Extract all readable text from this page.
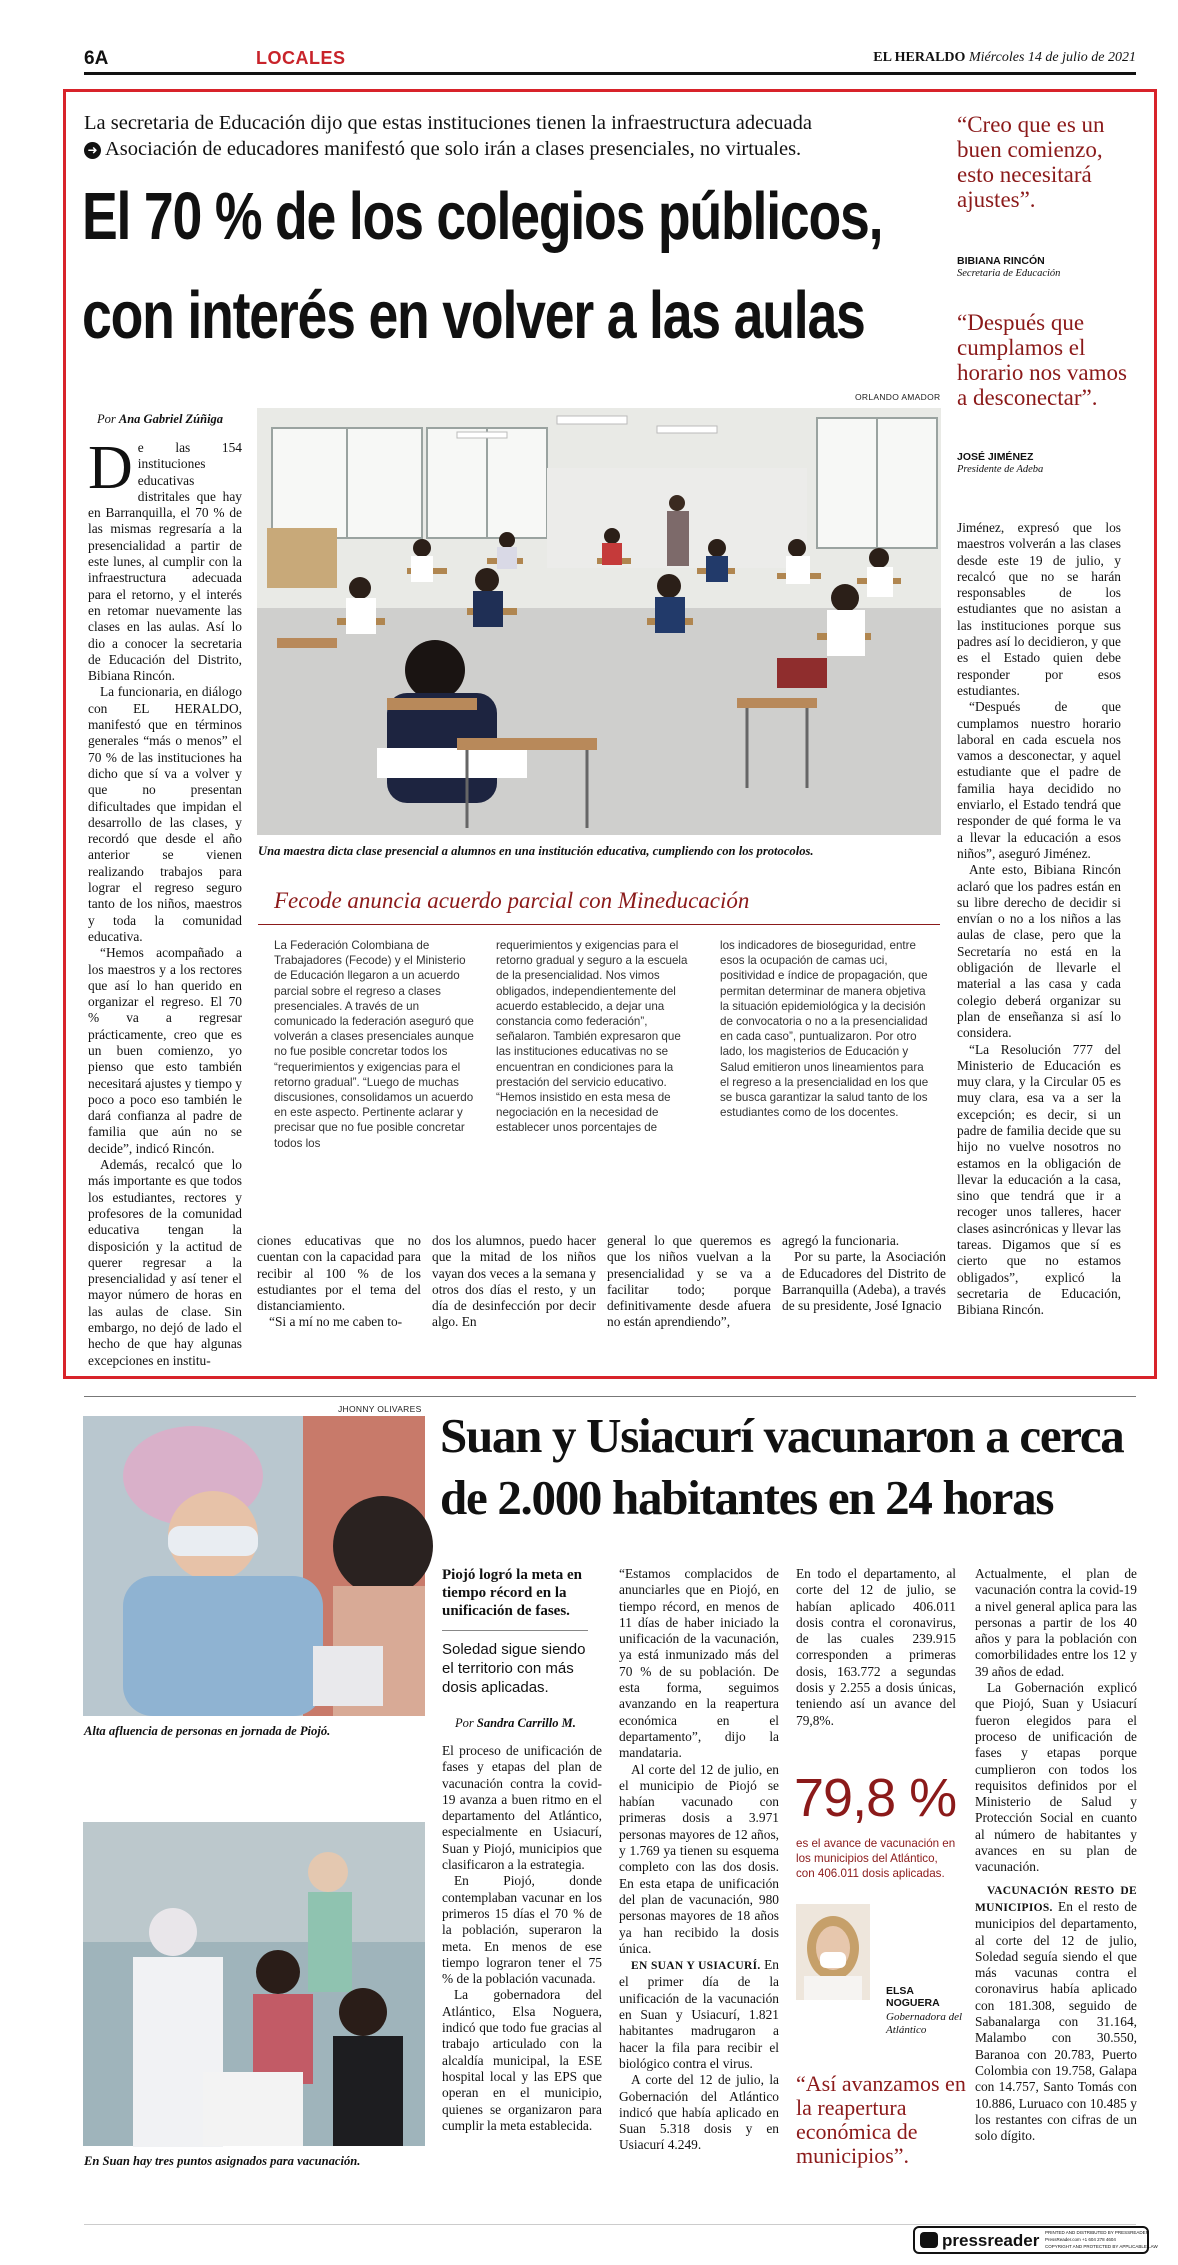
6A	LOCALES	EL HERALDO Miércoles 14 de julio de 2021
La secretaria de Educación dijo que estas instituciones tienen la infraestructura adecuada
➜ Asociación de educadores manifestó que solo irán a clases presenciales, no virtuales.
El 70 % de los colegios públicos,
con interés en volver a las aulas
ORLANDO AMADOR
Por Ana Gabriel Zúñiga

De las 154 instituciones educativas distritales que hay en Barranquilla, el 70 % de las mismas regresaría a la presencialidad a partir de este lunes, al cumplir con la infraestructura adecuada para el retorno, y el interés en retomar nuevamente las clases en las aulas. Así lo dio a conocer la secretaria de Educación del Distrito, Bibiana Rincón.

La funcionaria, en diálogo con EL HERALDO, manifestó que en términos generales “más o menos” el 70 % de las instituciones ha dicho que sí va a volver y que no presentan dificultades que impidan el desarrollo de las clases, y recordó que desde el año anterior se vienen realizando trabajos para lograr el regreso seguro tanto de los niños, maestros y toda la comunidad educativa.

“Hemos acompañado a los maestros y a los rectores que así lo han querido en organizar el regreso. El 70 % va a regresar prácticamente, creo que es un buen comienzo, yo pienso que esto también necesitará ajustes y tiempo y poco a poco eso también le dará confianza al padre de familia que aún no se decide”, indicó Rincón.

Además, recalcó que lo más importante es que todos los estudiantes, rectores y profesores de la comunidad educativa tengan la disposición y la actitud de querer regresar a la presencialidad y así tener el mayor número de horas en las aulas de clase. Sin embargo, no dejó de lado el hecho de que hay algunas excepciones en institu-

Una maestra dicta clase presencial a alumnos en una institución educativa, cumpliendo con los protocolos.
Fecode anuncia acuerdo parcial con Mineducación
La Federación Colombiana de Trabajadores (Fecode) y el Ministerio de Educación llegaron a un acuerdo parcial sobre el regreso a clases presenciales. A través de un comunicado la federación aseguró que volverán a clases presenciales aunque no fue posible concretar todos los “requerimientos y exigencias para el retorno gradual”. “Luego de muchas discusiones, consolidamos un acuerdo en este aspecto. Pertinente aclarar y precisar que no fue posible concretar todos los
requerimientos y exigencias para el retorno gradual y seguro a la escuela de la presencialidad. Nos vimos obligados, independientemente del acuerdo establecido, a dejar una constancia como federación”, señalaron. También expresaron que las instituciones educativas no se encuentran en condiciones para la prestación del servicio educativo. “Hemos insistido en esta mesa de negociación en la necesidad de establecer unos porcentajes de
los indicadores de bioseguridad, entre esos la ocupación de camas uci, positividad e índice de propagación, que permitan determinar de manera objetiva la situación epidemiológica y la decisión de convocatoria o no a la presencialidad en cada caso”, puntualizaron. Por otro lado, los magisterios de Educación y Salud emitieron unos lineamientos para el regreso a la presencialidad en los que se busca garantizar la salud tanto de los estudiantes como de los docentes.

ciones educativas que no cuentan con la capacidad para recibir al 100 % de los estudiantes por el tema del distanciamiento.

“Si a mí no me caben to-

dos los alumnos, puedo hacer que la mitad de los niños vayan dos veces a la semana y otros dos días el resto, y un día de desinfección por decir algo. En
general lo que queremos es que los niños vuelvan a la presencialidad y se va a facilitar todo; porque definitivamente desde afuera no están aprendiendo”,

agregó la funcionaria.

Por su parte, la Asociación de Educadores del Distrito de Barranquilla (Adeba), a través de su presidente, José Ignacio

“Creo que es un buen comienzo, esto necesitará ajustes”.
BIBIANA RINCÓN
Secretaria de Educación
“Después que cumplamos el horario nos vamos a desconectar”.
JOSÉ JIMÉNEZ
Presidente de Adeba

Jiménez, expresó que los maestros volverán a las clases desde este 19 de julio, y recalcó que no se harán responsables de los estudiantes que no asistan a las instituciones porque sus padres así lo decidieron, y que es el Estado quien debe responder por esos estudiantes.

“Después de que cumplamos nuestro horario laboral en cada escuela nos vamos a desconectar, y aquel estudiante que el padre de familia haya decidido no enviarlo, el Estado tendrá que responder de qué forma le va a llevar la educación a esos niños”, aseguró Jiménez.

Ante esto, Bibiana Rincón aclaró que los padres están en su libre derecho de decidir si envían o no a los niños a las aulas de clase, pero que la Secretaría no está en la obligación de llevarle el material a las casa y cada colegio deberá organizar su plan de enseñanza si así lo considera.

“La Resolución 777 del Ministerio de Educación es muy clara, y la Circular 05 es muy clara, esa va a ser la excepción; es decir, si un padre de familia decide que su hijo no vuelve nosotros no estamos en la obligación de llevar la educación a la casa, sino que tendrá que ir a recoger unos talleres, hacer clases asincrónicas y llevar las tareas. Digamos que sí es cierto que no estamos obligados”, explicó la secretaria de Educación, Bibiana Rincón.

JHONNY OLIVARES
Alta afluencia de personas en jornada de Piojó.
En Suan hay tres puntos asignados para vacunación.
Suan y Usiacurí vacunaron a cerca
de 2.000 habitantes en 24 horas
Piojó logró la meta en tiempo récord en la unificación de fases.
Soledad sigue siendo el territorio con más dosis aplicadas.
Por Sandra Carrillo M.

El proceso de unificación de fases y etapas del plan de vacunación contra la covid-19 avanza a buen ritmo en el departamento del Atlántico, especialmente en Usiacurí, Suan y Piojó, municipios que clasificaron a la estrategia.

En Piojó, donde contemplaban vacunar en los primeros 15 días el 70 % de la población, superaron la meta. En menos de ese tiempo lograron tener el 75 % de la población vacunada.

La gobernadora del Atlántico, Elsa Noguera, indicó que todo fue gracias al trabajo articulado con la alcaldía municipal, la ESE hospital local y las EPS que operan en el municipio, quienes se organizaron para cumplir la meta establecida.

“Estamos complacidos de anunciarles que en Piojó, en tiempo récord, en menos de 11 días de haber iniciado la unificación de la vacunación, ya está inmunizado más del 70 % de su población. De esta forma, seguimos avanzando en la reapertura económica en el departamento”, dijo la mandataria.

Al corte del 12 de julio, en el municipio de Piojó se habían vacunado con primeras dosis a 3.971 personas mayores de 12 años, y 1.769 ya tienen su esquema completo con las dos dosis. En esta etapa de unificación del plan de vacunación, 980 personas mayores de 18 años ya han recibido la dosis única.

EN SUAN Y USIACURÍ. En el primer día de la unificación de la vacunación en Suan y Usiacurí, 1.821 habitantes madrugaron a hacer la fila para recibir el biológico contra el virus.

A corte del 12 de julio, la Gobernación del Atlántico indicó que había aplicado en Suan 5.318 dosis y en Usiacurí 4.249.

En todo el departamento, al corte del 12 de julio, se habían aplicado 406.011 dosis contra el coronavirus, de las cuales 239.915 corresponden a primeras dosis, 163.772 a segundas dosis y 2.255 a dosis únicas, teniendo así un avance del 79,8%.
79,8 %
es el avance de vacunación en los municipios del Atlántico, con 406.011 dosis aplicadas.
ELSA NOGUERA
Gobernadora del Atlántico
“Así avanzamos en la reapertura económica de municipios”.

Actualmente, el plan de vacunación contra la covid-19 a nivel general aplica para las personas a partir de los 40 años y para la población con comorbilidades entre los 12 y 39 años de edad.

La Gobernación explicó que Piojó, Suan y Usiacurí fueron elegidos para el proceso de unificación de fases y etapas porque cumplieron con todos los requisitos definidos por el Ministerio de Salud y Protección Social en cuanto al número de habitantes y avances en su plan de vacunación.

VACUNACIÓN RESTO DE MUNICIPIOS. En el resto de municipios del departamento, al corte del 12 de julio, Soledad seguía siendo el que más vacunas contra el coronavirus había aplicado con 181.308, seguido de Sabanalarga con 31.164, Malambo con 30.550, Baranoa con 20.783, Puerto Colombia con 19.758, Galapa con 14.757, Santo Tomás con 10.886, Luruaco con 10.485 y los restantes con cifras de un solo dígito.

pressreader PRINTED AND DISTRIBUTED BY PRESSREADER
PressReader.com +1 604 278 4604
COPYRIGHT AND PROTECTED BY APPLICABLE LAW
